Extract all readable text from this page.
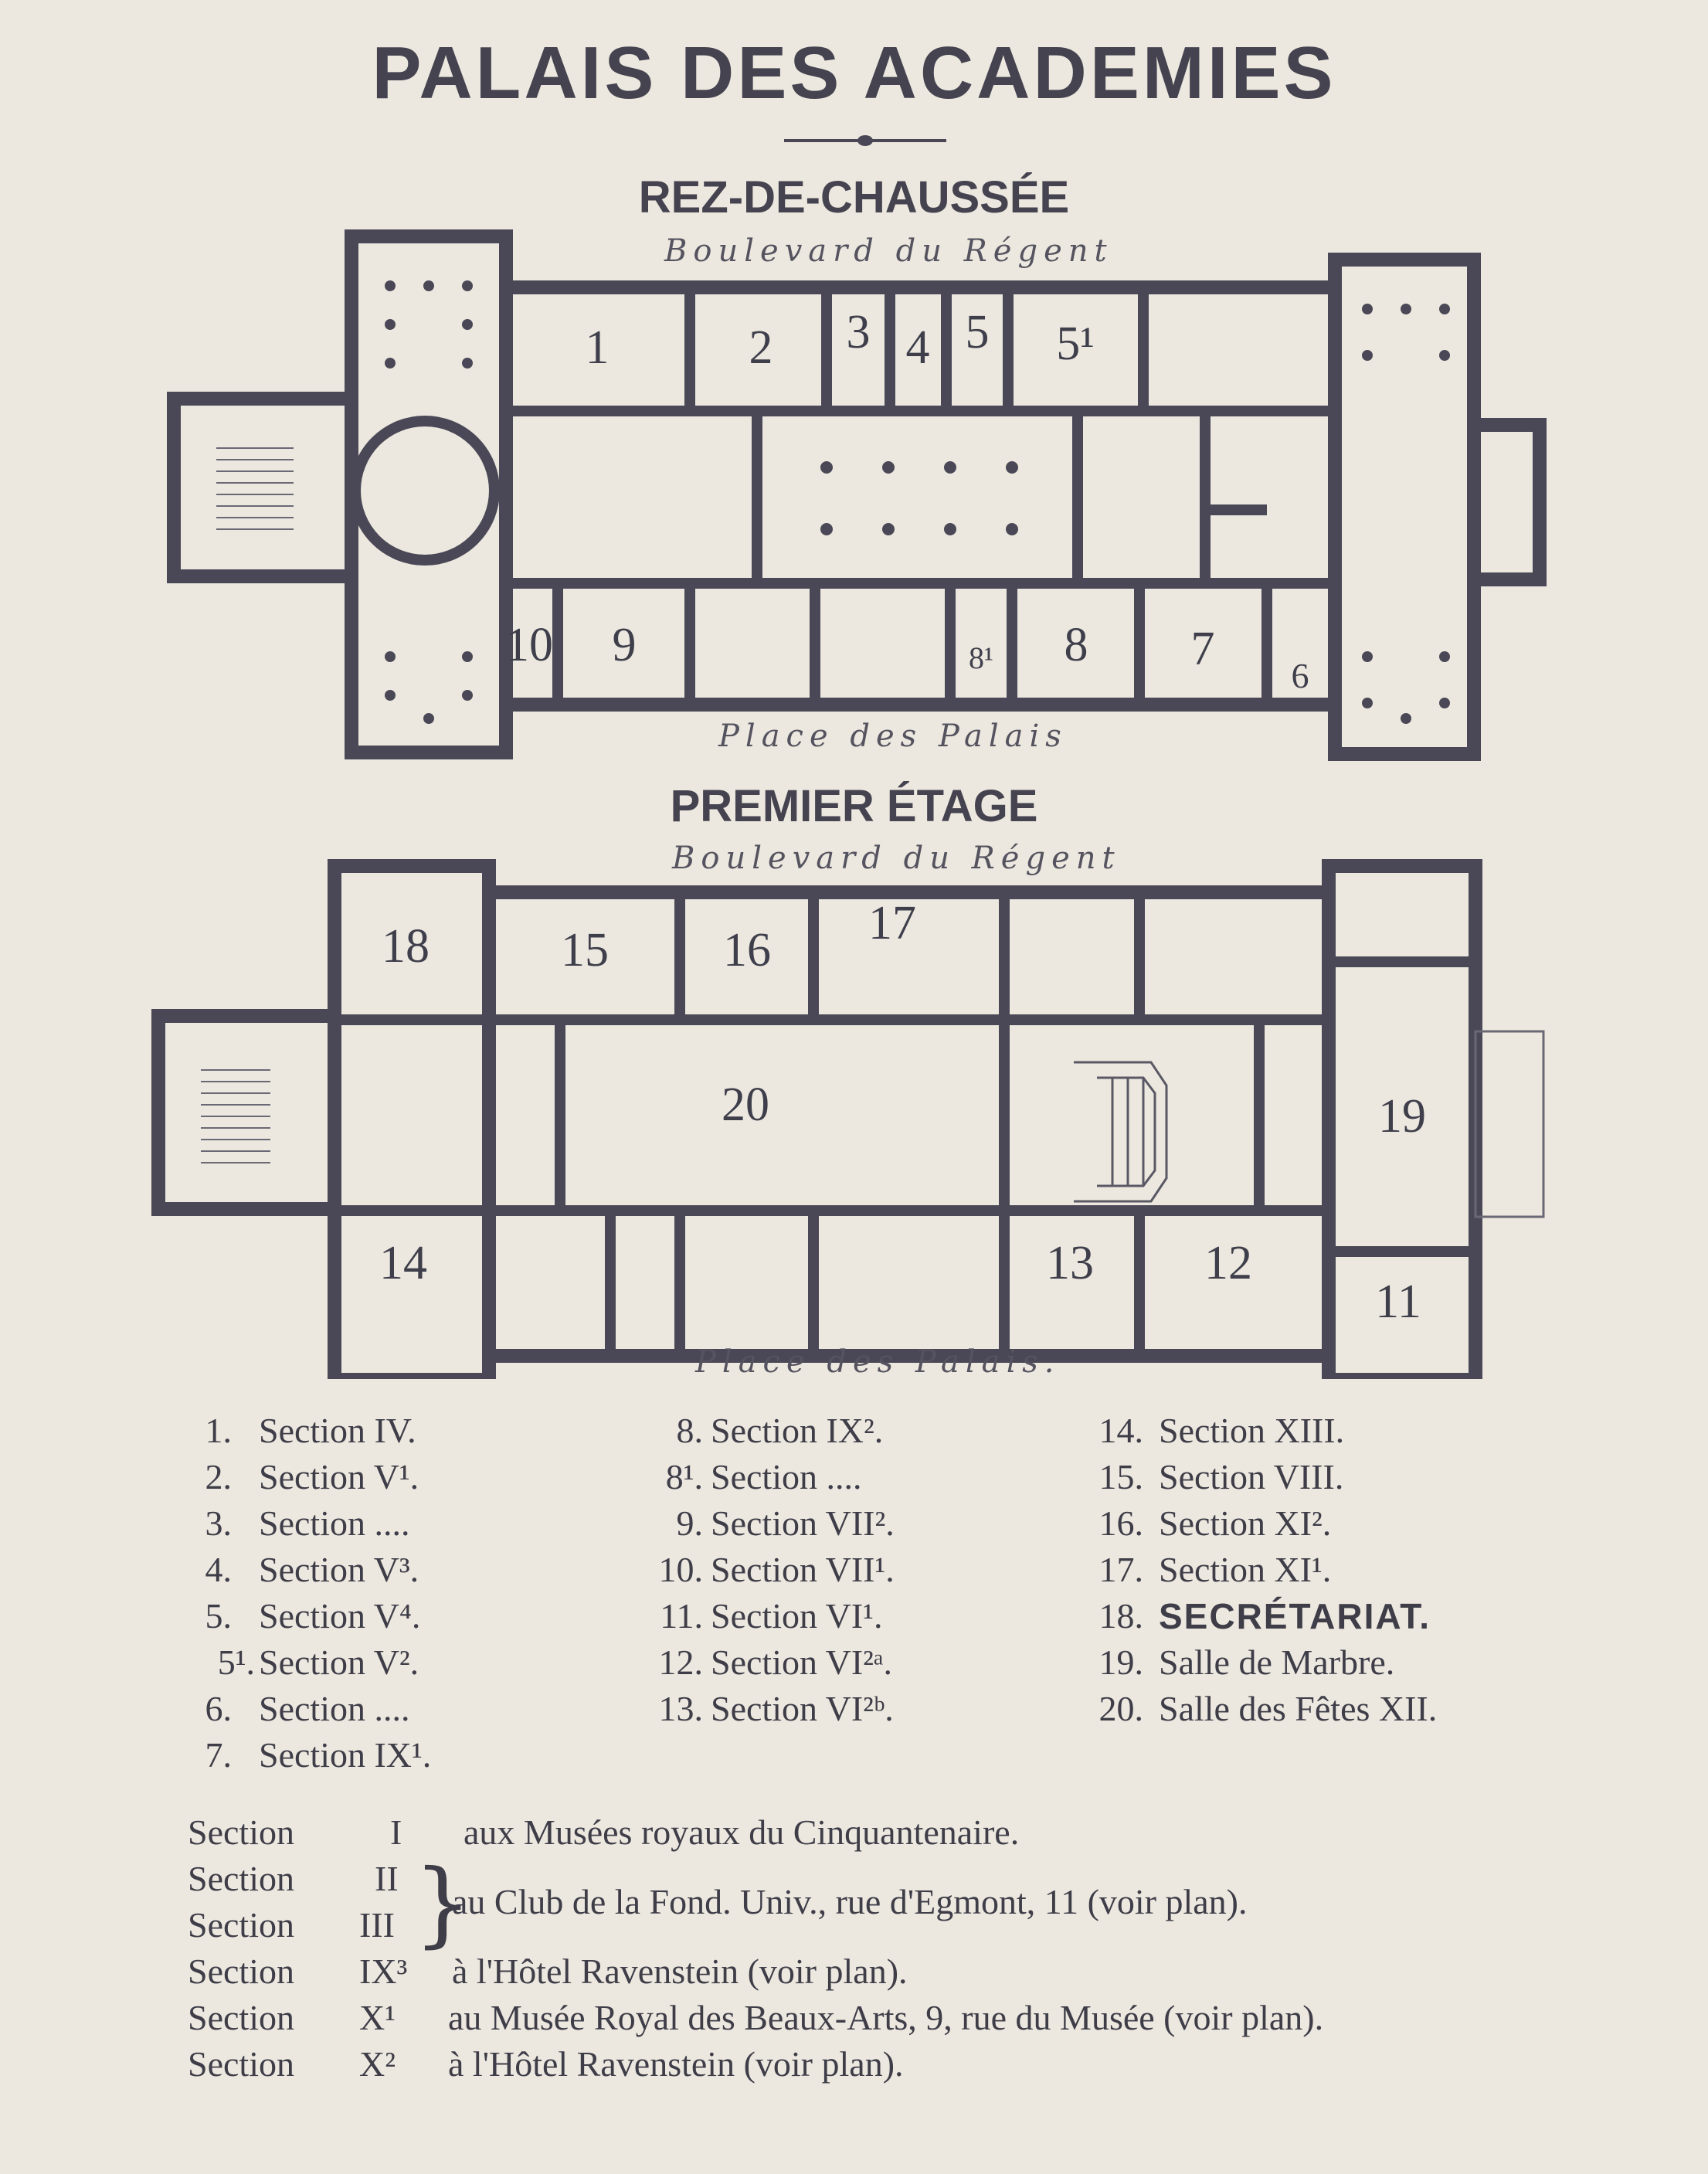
PALAIS DES ACADEMIES
REZ-DE-CHAUSSÉE
Boulevard du Régent
1	2 3 4 5 5¹
10 9	8¹ 8 7
6
Place des Palais
PREMIER ÉTAGE
Boulevard du Régent
18	15 16
17
20	19
14	13 12
11
Place des Palais.
1. Section IV.
2. Section V¹.
3. Section ....
4. Section V³.
5. Section V⁴.
5¹. Section V².
6. Section ....
7. Section IX¹.
8. Section IX².
8¹. Section ....
9. Section VII².
10. Section VII¹.
11. Section VI¹.
12. Section VI²ᵃ.
13. Section VI²ᵇ.
14. Section XIII.
15. Section VIII.
16. Section XI².
17. Section XI¹.
18. SECRÉTARIAT.
19. Salle de Marbre.
20. Salle des Fêtes XII.
Section	I aux Musées royaux du Cinquantenaire.
Section II
Section III }
au Club de la Fond. Univ., rue d'Egmont, 11 (voir plan).
Section IX³ à l'Hôtel Ravenstein (voir plan).
Section X¹ au Musée Royal des Beaux-Arts, 9, rue du Musée (voir plan).
Section X² à l'Hôtel Ravenstein (voir plan).
